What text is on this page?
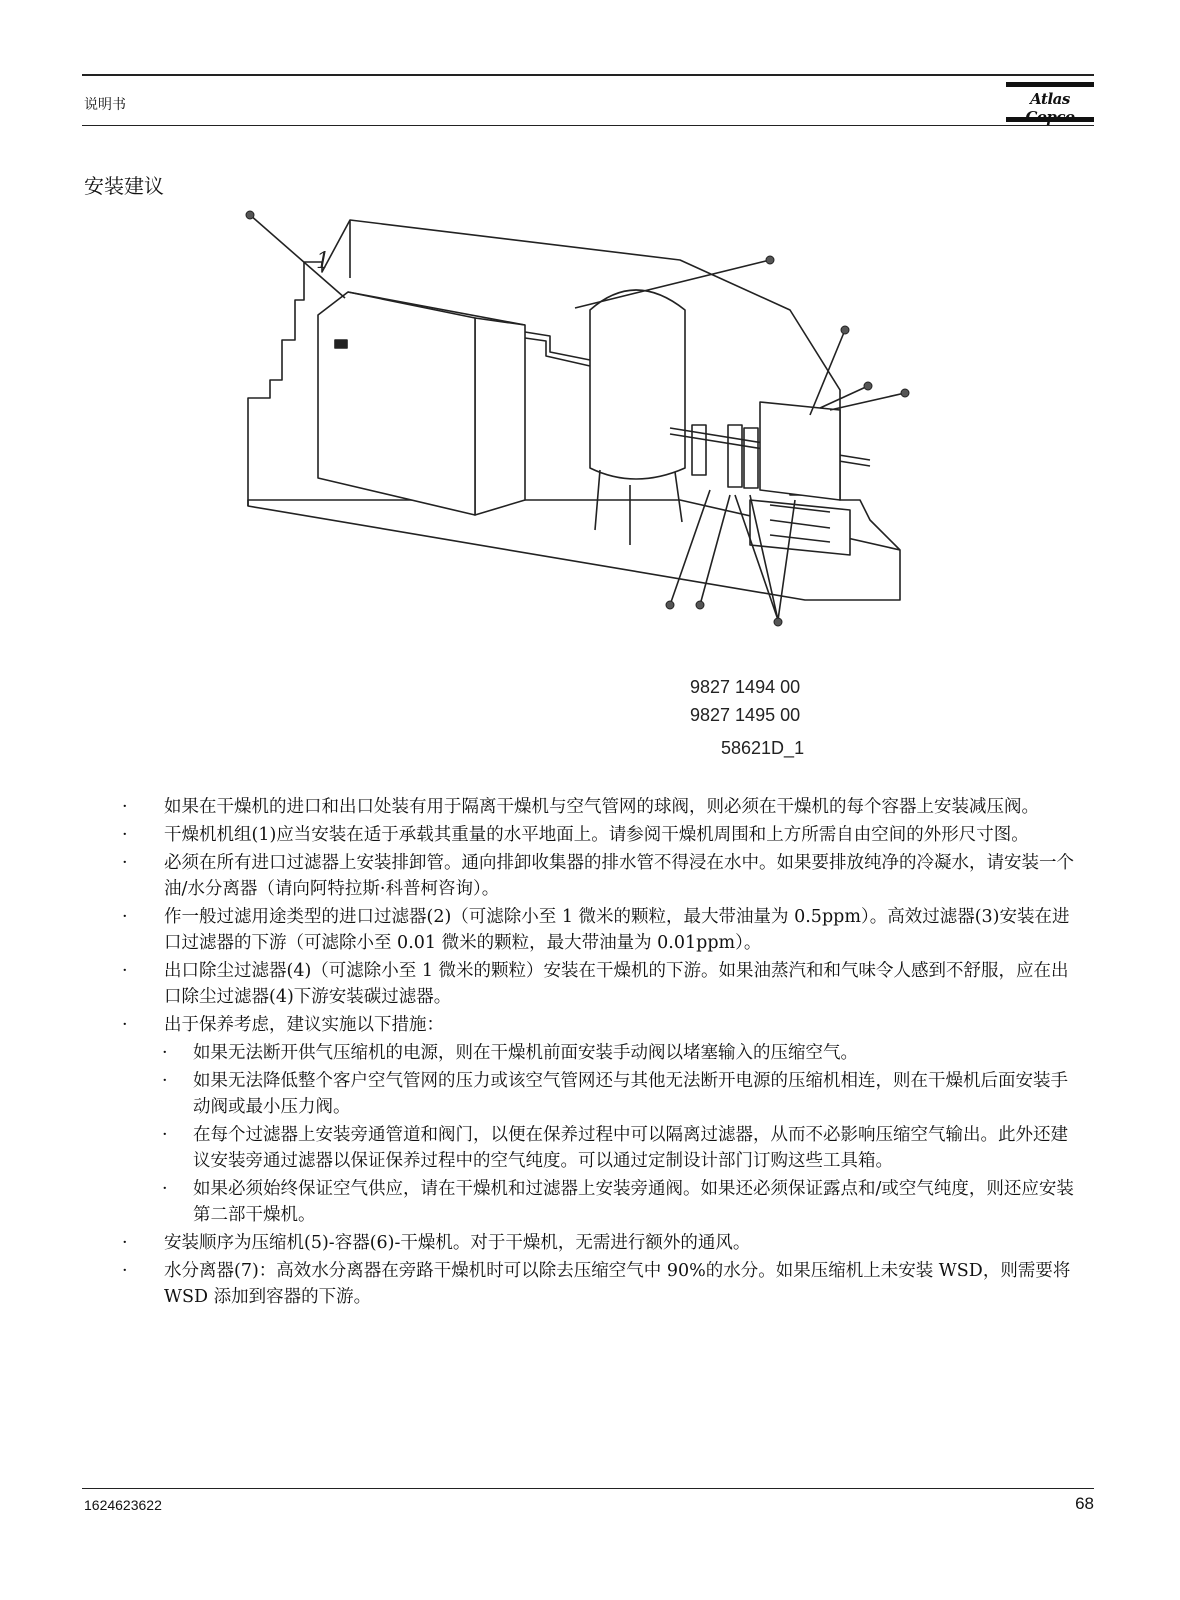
说明书	Atlas
安装建议
1
9827 1494 00
9827 1495 00
58621D_1
· 如果在干燥机的进口和出口处装有用于隔离干燥机与空气管网的球阀，则必须在干燥机的每个容器上安装减压阀。
· 干燥机机组(1)应当安装在适于承载其重量的水平地面上。请参阅干燥机周围和上方所需自由空间的外形尺寸图。
· 必须在所有进口过滤器上安装排卸管。通向排卸收集器的排水管不得浸在水中。如果要排放纯净的冷凝水，请安装一个油/水分离器（请向阿特拉斯·科普柯咨询）。
· 作一般过滤用途类型的进口过滤器(2)（可滤除小至 1 微米的颗粒，最大带油量为 0.5ppm）。高效过滤器(3)安装在进口过滤器的下游（可滤除小至 0.01 微米的颗粒，最大带油量为 0.01ppm）。
· 出口除尘过滤器(4)（可滤除小至 1 微米的颗粒）安装在干燥机的下游。如果油蒸汽和和气味令人感到不舒服，应在出口除尘过滤器(4)下游安装碳过滤器。
· 出于保养考虑，建议实施以下措施：
· 如果无法断开供气压缩机的电源，则在干燥机前面安装手动阀以堵塞输入的压缩空气。
· 如果无法降低整个客户空气管网的压力或该空气管网还与其他无法断开电源的压缩机相连，则在干燥机后面安装手动阀或最小压力阀。
· 在每个过滤器上安装旁通管道和阀门，以便在保养过程中可以隔离过滤器，从而不必影响压缩空气输出。此外还建议安装旁通过滤器以保证保养过程中的空气纯度。可以通过定制设计部门订购这些工具箱。
· 如果必须始终保证空气供应，请在干燥机和过滤器上安装旁通阀。如果还必须保证露点和/或空气纯度，则还应安装第二部干燥机。
· 安装顺序为压缩机(5)-容器(6)-干燥机。对于干燥机，无需进行额外的通风。
· 水分离器(7)：高效水分离器在旁路干燥机时可以除去压缩空气中 90%的水分。如果压缩机上未安装 WSD，则需要将 WSD 添加到容器的下游。
1624623622	68
